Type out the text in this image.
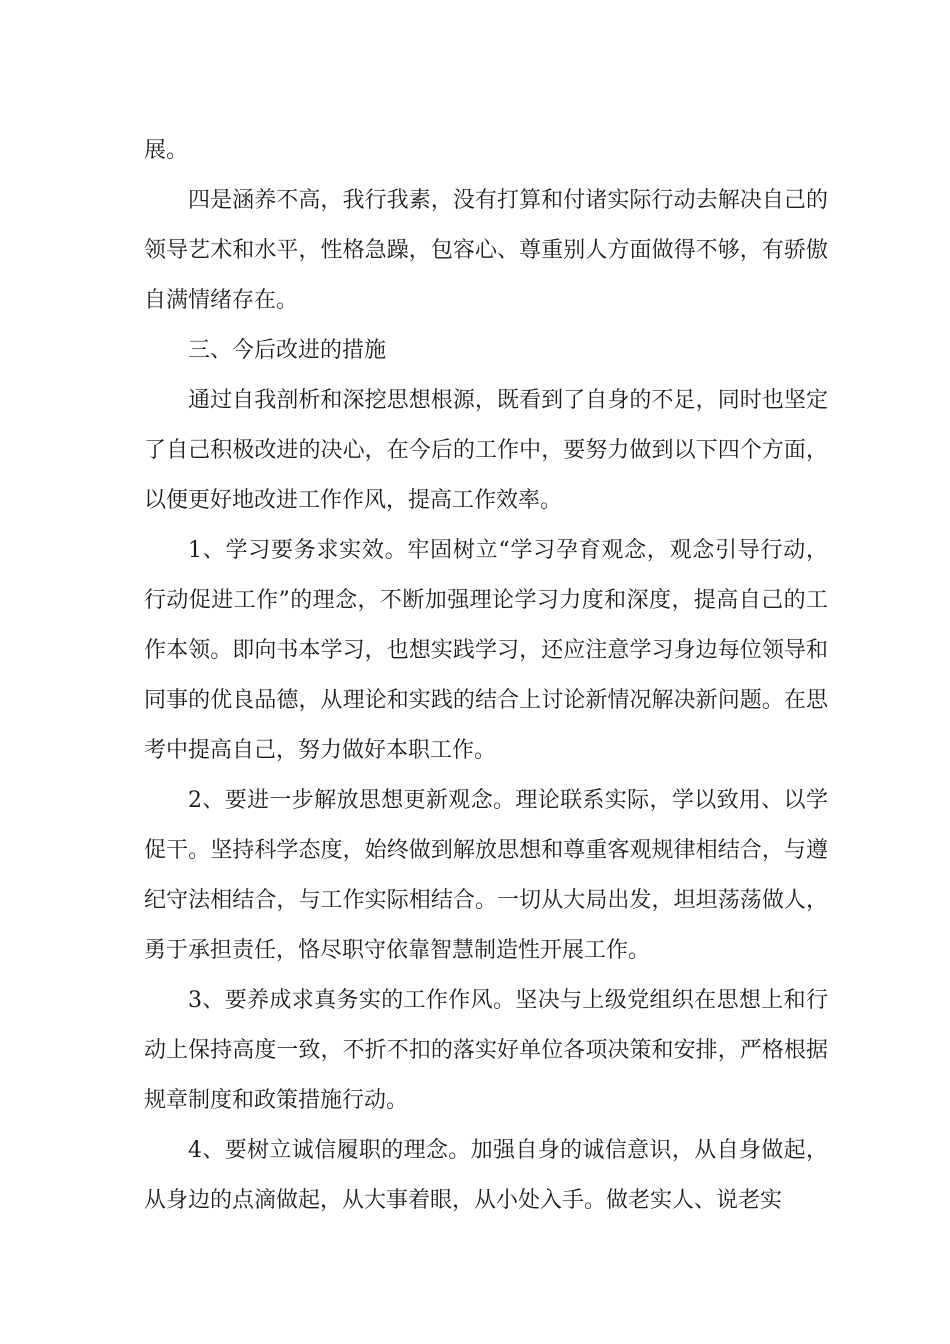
展。

四是涵养不高，我行我素，没有打算和付诸实际行动去解决自己的领导艺术和水平，性格急躁，包容心、尊重别人方面做得不够，有骄傲自满情绪存在。

三、今后改进的措施

通过自我剖析和深挖思想根源，既看到了自身的不足，同时也坚定了自己积极改进的决心，在今后的工作中，要努力做到以下四个方面，以便更好地改进工作作风，提高工作效率。

1、学习要务求实效。牢固树立“学习孕育观念，观念引导行动，行动促进工作”的理念，不断加强理论学习力度和深度，提高自己的工作本领。即向书本学习，也想实践学习，还应注意学习身边每位领导和同事的优良品德，从理论和实践的结合上讨论新情况解决新问题。在思考中提高自己，努力做好本职工作。

2、要进一步解放思想更新观念。理论联系实际，学以致用、以学促干。坚持科学态度，始终做到解放思想和尊重客观规律相结合，与遵纪守法相结合，与工作实际相结合。一切从大局出发，坦坦荡荡做人，勇于承担责任，恪尽职守依靠智慧制造性开展工作。

3、要养成求真务实的工作作风。坚决与上级党组织在思想上和行动上保持高度一致，不折不扣的落实好单位各项决策和安排，严格根据规章制度和政策措施行动。

4、要树立诚信履职的理念。加强自身的诚信意识，从自身做起，从身边的点滴做起，从大事着眼，从小处入手。做老实人、说老实
